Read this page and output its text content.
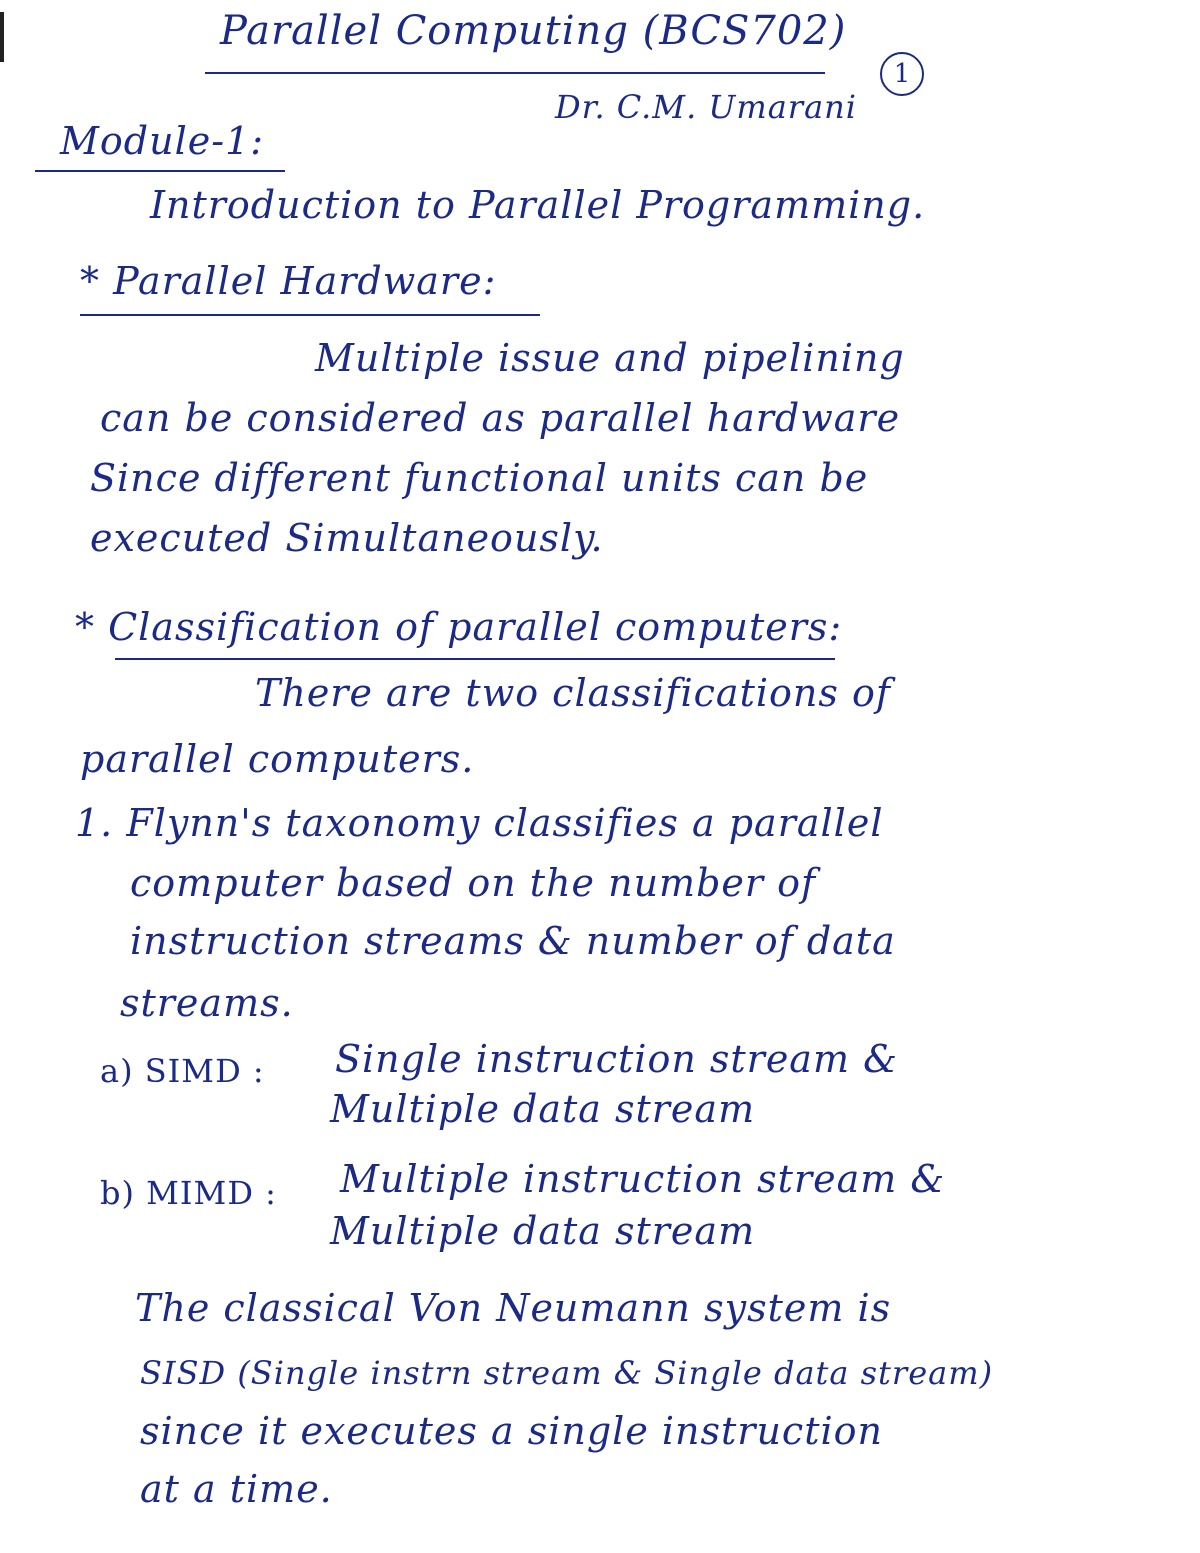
Parallel Computing (BCS702)
1
Dr. C.M. Umarani
Module-1:
Introduction to Parallel Programming.
* Parallel Hardware:
Multiple issue and pipelining
can be considered as parallel hardware
Since different functional units can be
executed Simultaneously.
* Classification of parallel computers:
There are two classifications of
parallel computers.
1. Flynn's taxonomy classifies a parallel
computer based on the number of
instruction streams & number of data
streams.
a) SIMD : Single instruction stream &
Multiple data stream
b) MIMD : Multiple instruction stream &
Multiple data stream
The classical Von Neumann system is
SISD (Single instrn stream & Single data stream)
since it executes a single instruction
at a time.
